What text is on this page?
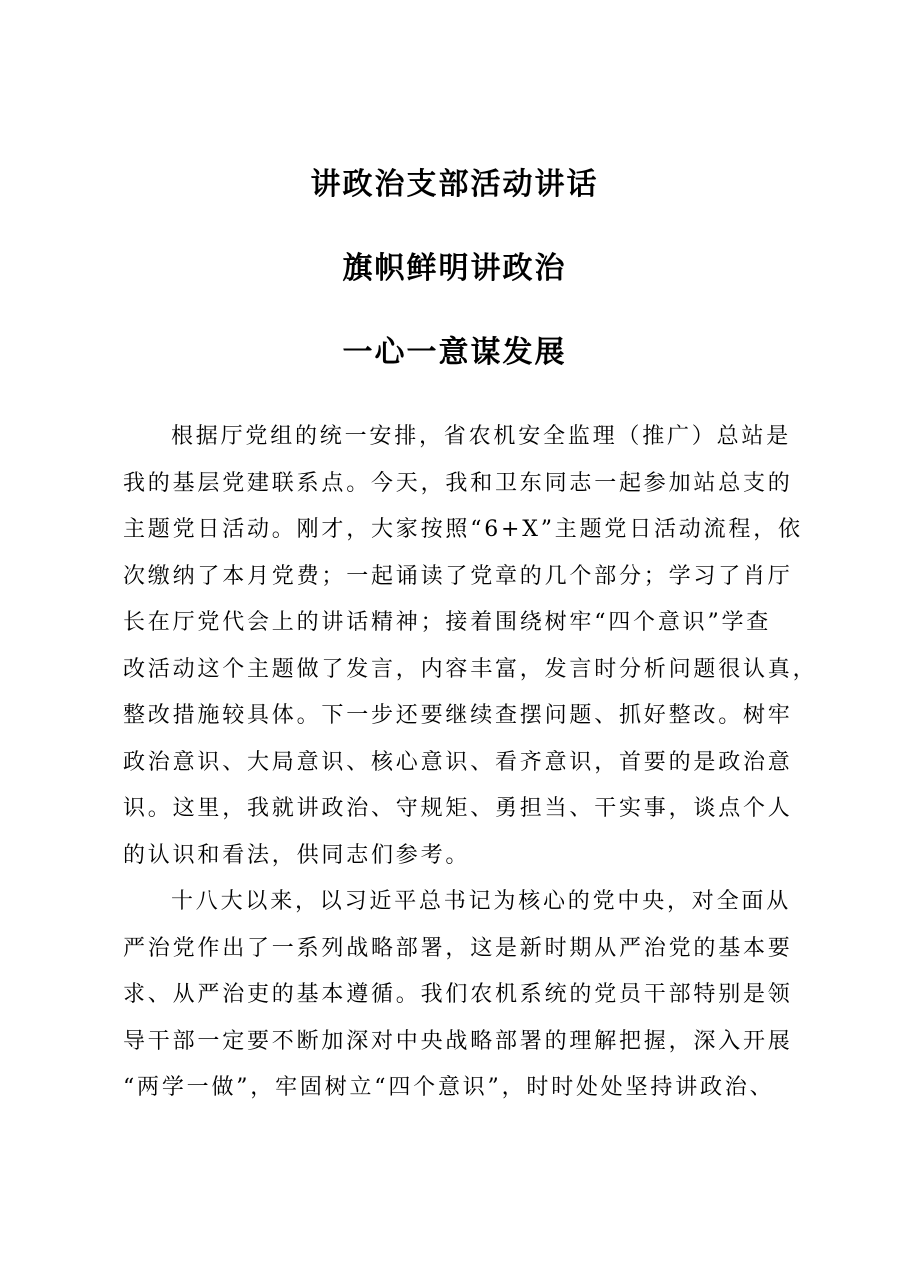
讲政治支部活动讲话
旗帜鲜明讲政治
一心一意谋发展
根据厅党组的统一安排，省农机安全监理（推广）总站是
我的基层党建联系点。今天，我和卫东同志一起参加站总支的
主题党日活动。刚才，大家按照“6+X”主题党日活动流程，依
次缴纳了本月党费；一起诵读了党章的几个部分；学习了肖厅
长在厅党代会上的讲话精神；接着围绕树牢“四个意识”学查
改活动这个主题做了发言，内容丰富，发言时分析问题很认真，
整改措施较具体。下一步还要继续查摆问题、抓好整改。树牢
政治意识、大局意识、核心意识、看齐意识，首要的是政治意
识。这里，我就讲政治、守规矩、勇担当、干实事，谈点个人
的认识和看法，供同志们参考。
十八大以来，以习近平总书记为核心的党中央，对全面从
严治党作出了一系列战略部署，这是新时期从严治党的基本要
求、从严治吏的基本遵循。我们农机系统的党员干部特别是领
导干部一定要不断加深对中央战略部署的理解把握，深入开展
“两学一做”，牢固树立“四个意识”，时时处处坚持讲政治、
